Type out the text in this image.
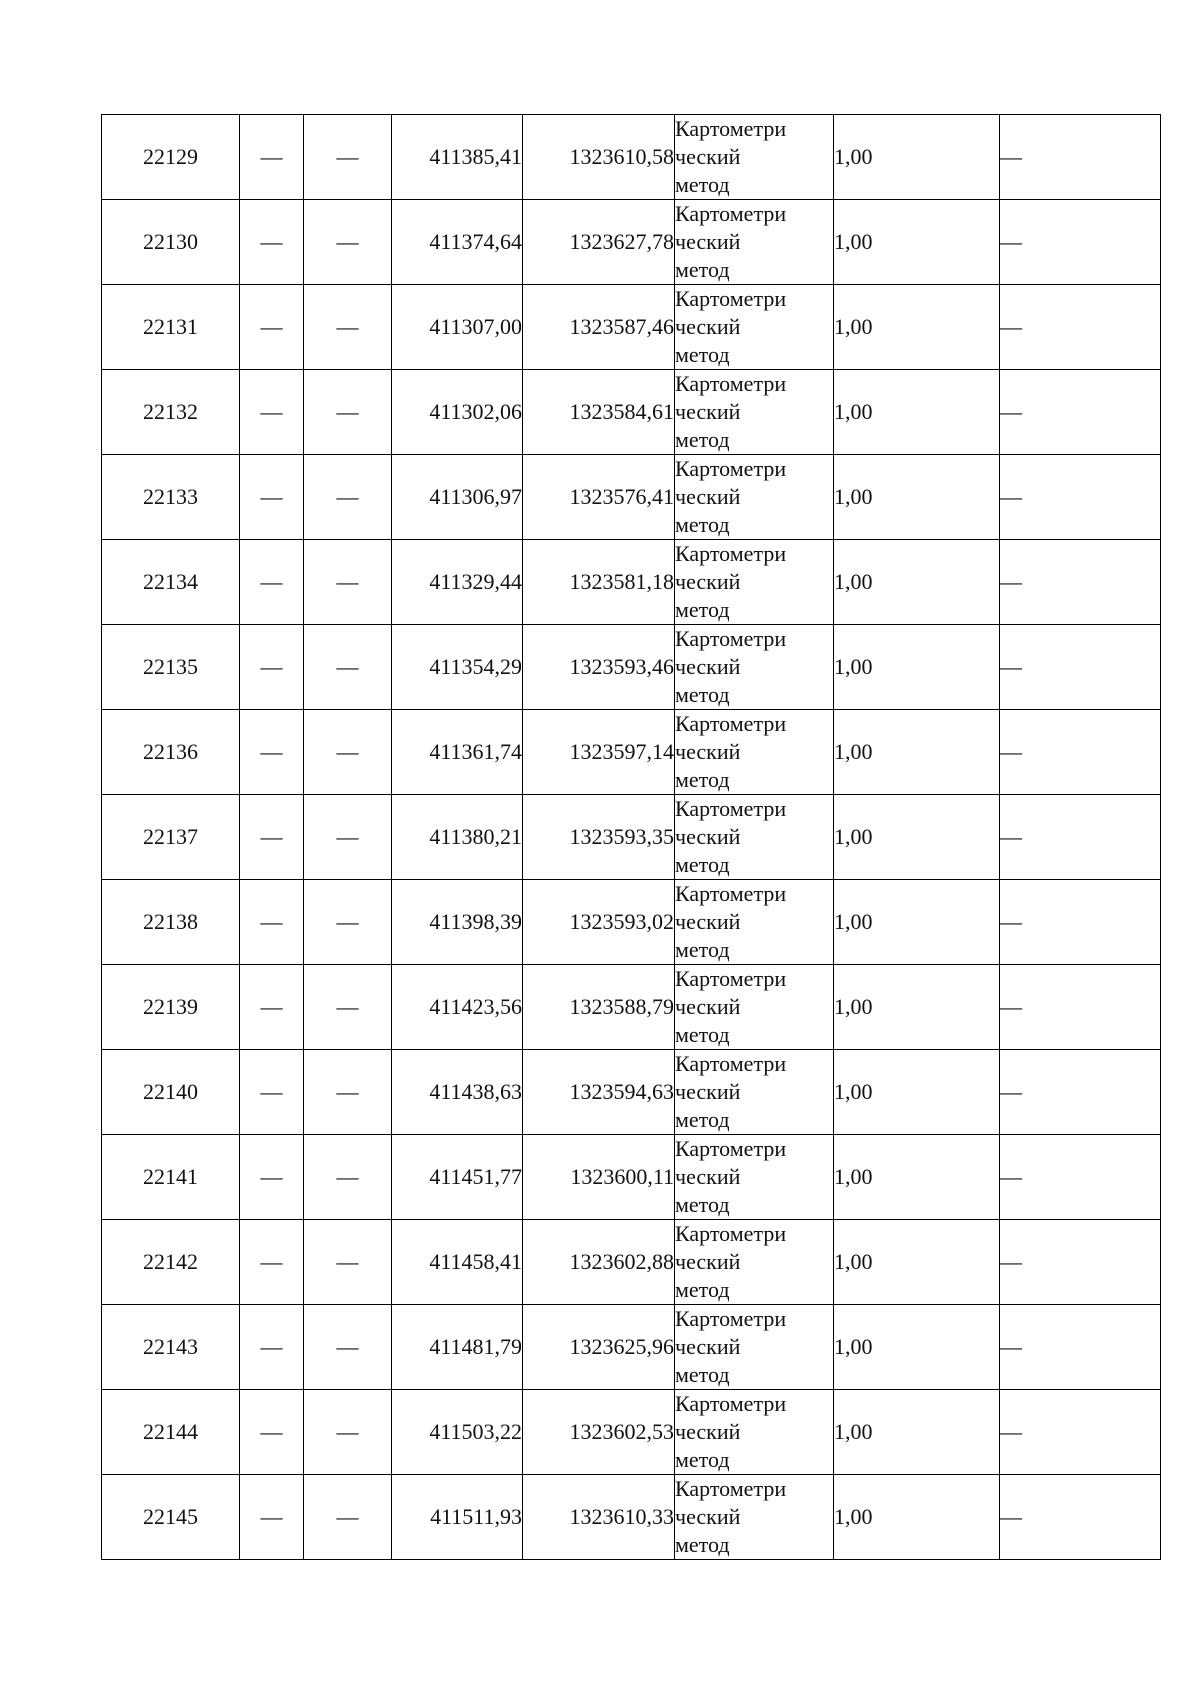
22129	—	—	411385,41	1323610,58	Картометри
ческий
метод	1,00	—
22130	—	—	411374,64	1323627,78	Картометри
ческий
метод	1,00	—
22131	—	—	411307,00	1323587,46	Картометри
ческий
метод	1,00	—
22132	—	—	411302,06	1323584,61	Картометри
ческий
метод	1,00	—
22133	—	—	411306,97	1323576,41	Картометри
ческий
метод	1,00	—
22134	—	—	411329,44	1323581,18	Картометри
ческий
метод	1,00	—
22135	—	—	411354,29	1323593,46	Картометри
ческий
метод	1,00	—
22136	—	—	411361,74	1323597,14	Картометри
ческий
метод	1,00	—
22137	—	—	411380,21	1323593,35	Картометри
ческий
метод	1,00	—
22138	—	—	411398,39	1323593,02	Картометри
ческий
метод	1,00	—
22139	—	—	411423,56	1323588,79	Картометри
ческий
метод	1,00	—
22140	—	—	411438,63	1323594,63	Картометри
ческий
метод	1,00	—
22141	—	—	411451,77	1323600,11	Картометри
ческий
метод	1,00	—
22142	—	—	411458,41	1323602,88	Картометри
ческий
метод	1,00	—
22143	—	—	411481,79	1323625,96	Картометри
ческий
метод	1,00	—
22144	—	—	411503,22	1323602,53	Картометри
ческий
метод	1,00	—
22145	—	—	411511,93	1323610,33	Картометри
ческий
метод	1,00	—
